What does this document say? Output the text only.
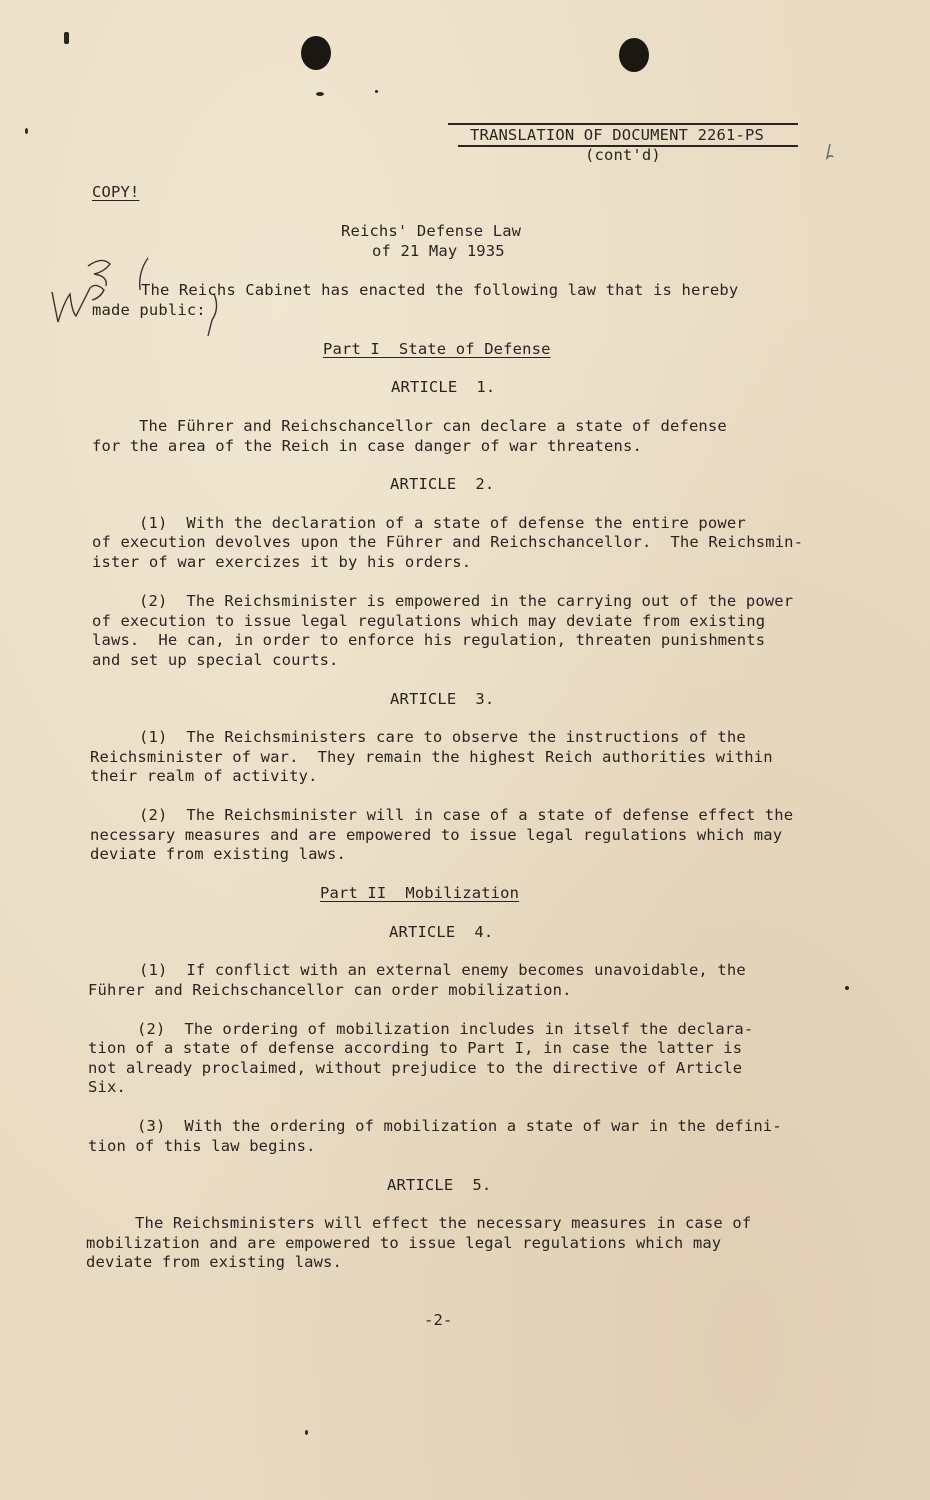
TRANSLATION OF DOCUMENT 2261-PS
(cont'd)
COPY!
Reichs' Defense Law
of 21 May 1935
The Reichs Cabinet has enacted the following law that is hereby
made public:
Part I  State of Defense
ARTICLE  1.
The Führer and Reichschancellor can declare a state of defense
for the area of the Reich in case danger of war threatens.
ARTICLE  2.
(1)  With the declaration of a state of defense the entire power
of execution devolves upon the Führer and Reichschancellor.  The Reichsmin-
ister of war exercizes it by his orders.
(2)  The Reichsminister is empowered in the carrying out of the power
of execution to issue legal regulations which may deviate from existing
laws.  He can, in order to enforce his regulation, threaten punishments
and set up special courts.
ARTICLE  3.
(1)  The Reichsministers care to observe the instructions of the
Reichsminister of war.  They remain the highest Reich authorities within
their realm of activity.
(2)  The Reichsminister will in case of a state of defense effect the
necessary measures and are empowered to issue legal regulations which may
deviate from existing laws.
Part II  Mobilization
ARTICLE  4.
(1)  If conflict with an external enemy becomes unavoidable, the
Führer and Reichschancellor can order mobilization.
(2)  The ordering of mobilization includes in itself the declara-
tion of a state of defense according to Part I, in case the latter is
not already proclaimed, without prejudice to the directive of Article
Six.
(3)  With the ordering of mobilization a state of war in the defini-
tion of this law begins.
ARTICLE  5.
The Reichsministers will effect the necessary measures in case of
mobilization and are empowered to issue legal regulations which may
deviate from existing laws.
-2-
